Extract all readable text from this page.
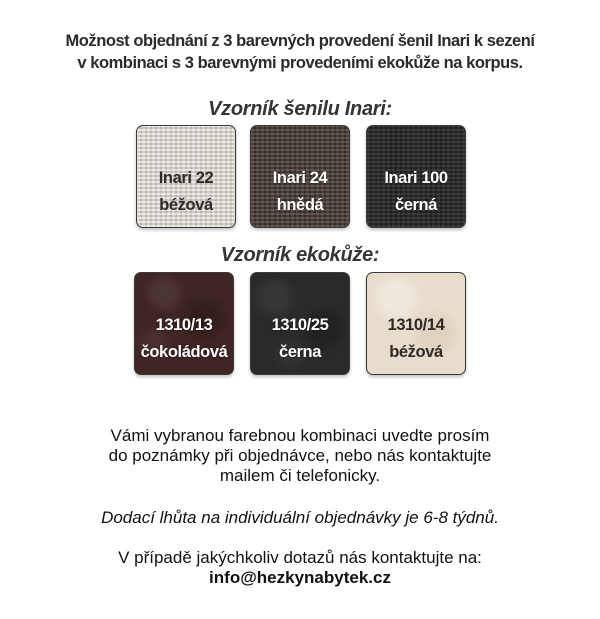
Možnost objednání z 3 barevných provedení šenil Inari k sezení
v kombinaci s 3 barevnými provedeními ekokůže na korpus.
Vzorník šenilu Inari:
Inari 22
béžová
Inari 24
hnědá
Inari 100
černá
Vzorník ekokůže:
1310/13
čokoládová
1310/25
černa
1310/14
béžová
Vámi vybranou farebnou kombinaci uvedte prosím
do poznámky při objednávce, nebo nás kontaktujte
mailem či telefonicky.
Dodací lhůta na individuální objednávky je 6-8 týdnů.
V případě jakýchkoliv dotazů nás kontaktujte na:
info@hezkynabytek.cz
